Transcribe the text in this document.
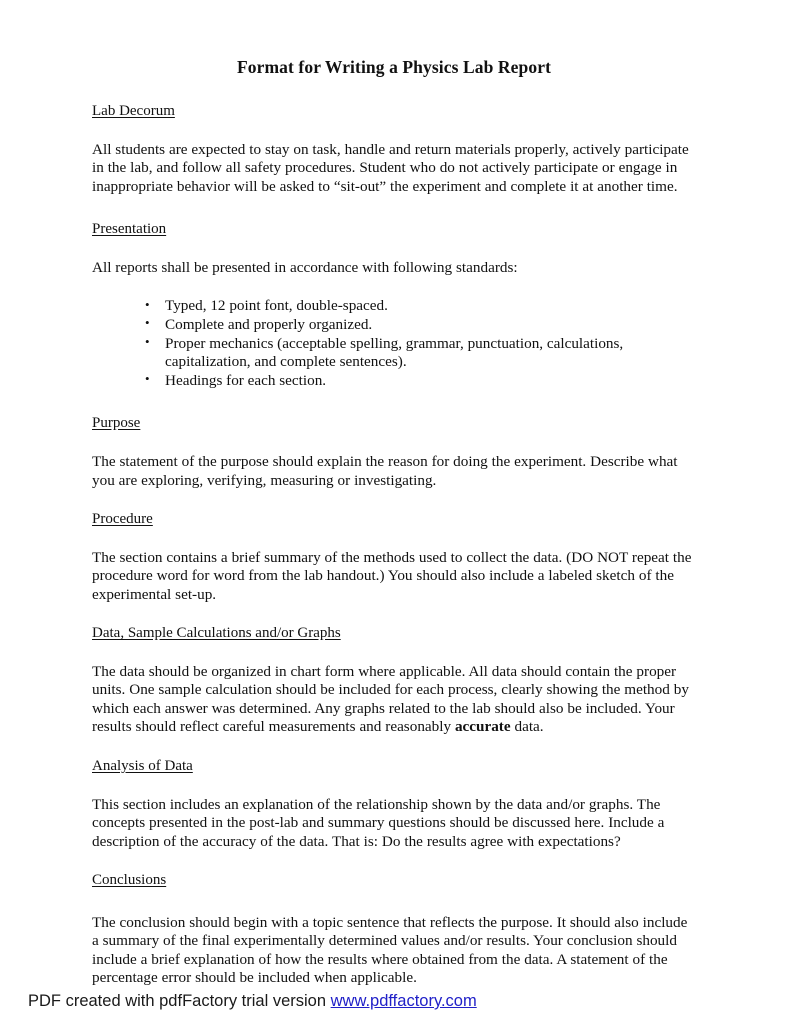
Format for Writing a Physics Lab Report
Lab Decorum

All students are expected to stay on task, handle and return materials properly, actively participate in the lab, and follow all safety procedures. Student who do not actively participate or engage in inappropriate behavior will be asked to “sit-out” the experiment and complete it at another time.

Presentation

All reports shall be presented in accordance with following standards:

• Typed, 12 point font, double-spaced.
• Complete and properly organized.
• Proper mechanics (acceptable spelling, grammar, punctuation, calculations, capitalization, and complete sentences).
• Headings for each section.
Purpose

The statement of the purpose should explain the reason for doing the experiment. Describe what you are exploring, verifying, measuring or investigating.

Procedure

The section contains a brief summary of the methods used to collect the data. (DO NOT repeat the procedure word for word from the lab handout.) You should also include a labeled sketch of the experimental set-up.

Data, Sample Calculations and/or Graphs

The data should be organized in chart form where applicable. All data should contain the proper units. One sample calculation should be included for each process, clearly showing the method by which each answer was determined. Any graphs related to the lab should also be included. Your results should reflect careful measurements and reasonably accurate data.

Analysis of Data

This section includes an explanation of the relationship shown by the data and/or graphs. The concepts presented in the post-lab and summary questions should be discussed here. Include a description of the accuracy of the data. That is: Do the results agree with expectations?

Conclusions

The conclusion should begin with a topic sentence that reflects the purpose. It should also include a summary of the final experimentally determined values and/or results. Your conclusion should include a brief explanation of how the results where obtained from the data. A statement of the percentage error should be included when applicable.

PDF created with pdfFactory trial version www.pdffactory.com
